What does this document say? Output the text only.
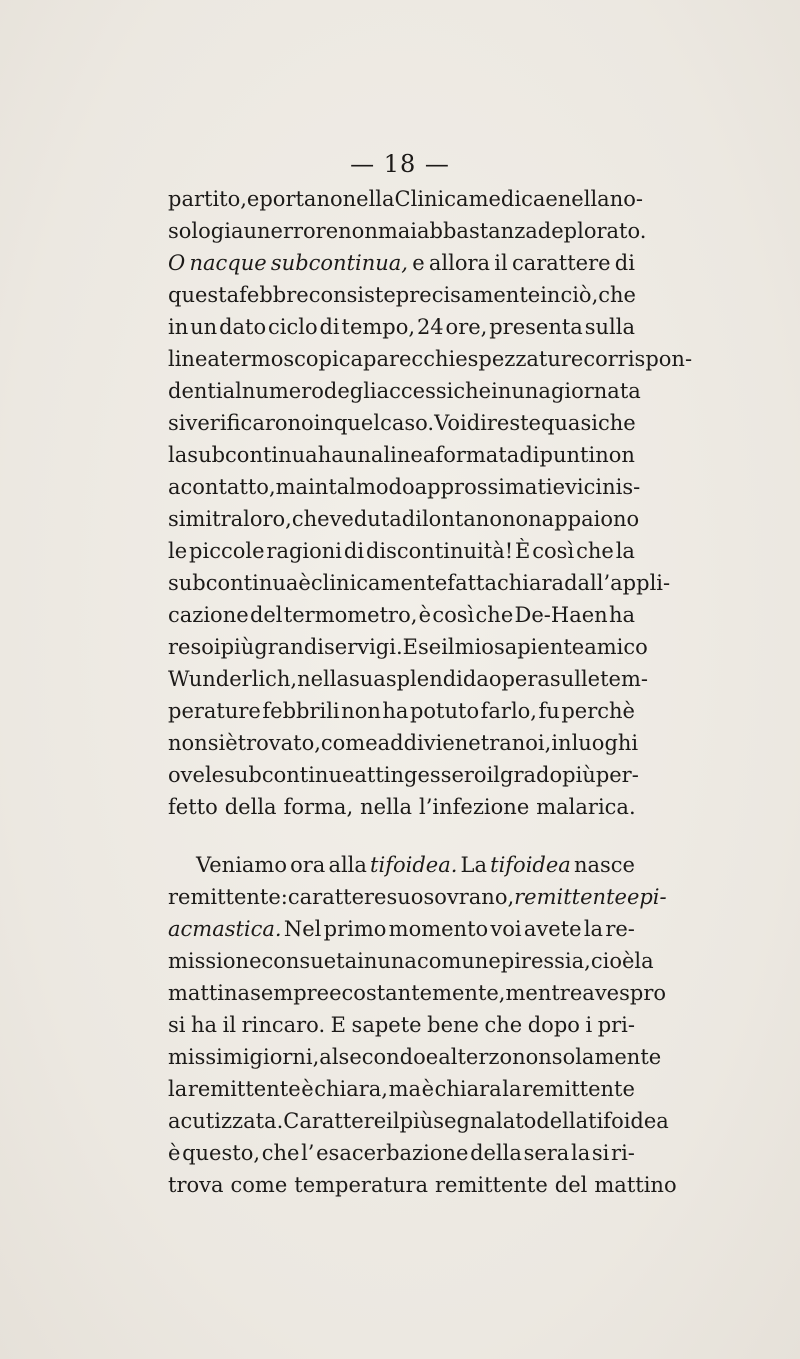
— 18 —
partito, e portano nella Clinica medica e nella no-
sologia un errore non mai abbastanza deplorato.
O nacque subcontinua, e allora il carattere di
questa febbre consiste precisamente in ciò , che
in un dato ciclo di tempo, 24 ore, presenta sulla
linea termoscopica parecchie spezzature corrispon-
denti al numero degli accessi che in una giornata
si verificarono in quel caso. Voi direste quasi che
la subcontinua ha una linea formata di punti non
a contatto, ma in tal modo approssimati e vicinis-
simi tra loro, che veduta di lontano non appaiono
le piccole ragioni di discontinuità! È così che la
subcontinua è clinicamente fatta chiara dall’appli-
cazione del termometro, è così che De-Haen ha
reso i più grandi servigi. E se il mio sapiente amico
Wunderlich, nella sua splendida opera sulle tem-
perature febbrili non ha potuto farlo, fu perchè
non si è trovato, come addiviene tra noi, in luoghi
ove le subcontinue attingessero il grado più per-
fetto della forma, nella l’infezione malarica.
Veniamo ora alla tifoidea. La tifoidea nasce
remittente: carattere suo sovrano, remittente epi-
acmastica. Nel primo momento voi avete la re-
missione consueta in una comune piressia, cioè la
mattina sempre e costantemente, mentre a vespro
si ha il rincaro. E sapete bene che dopo i pri-
missimi giorni, al secondo e al terzo non solamente
la remittente è chiara, ma è chiara la remittente
acutizzata. Carattere il più segnalato della tifoidea
è questo, che l’ esacerbazione della sera la si ri-
trova come temperatura remittente del mattino
